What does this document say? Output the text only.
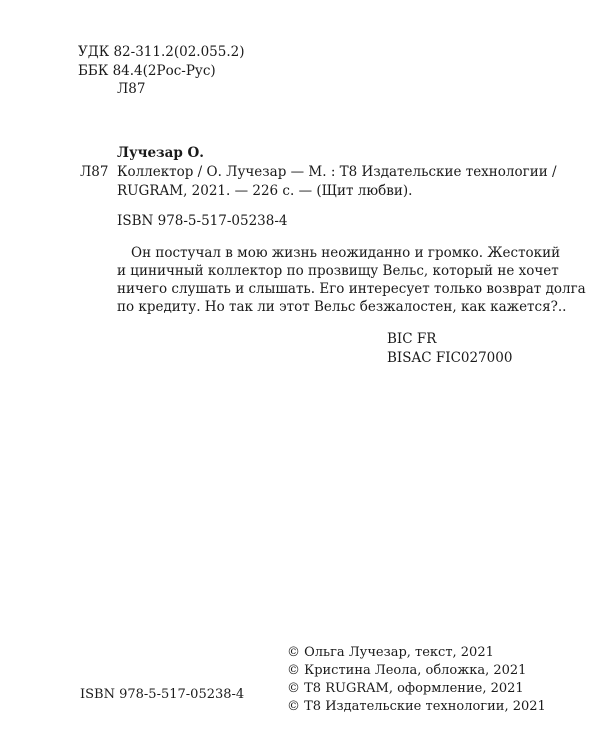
УДК 82-311.2(02.055.2)
ББК 84.4(2Рос-Рус)
Л87
Лучезар О.
Л87 Коллектор / О. Лучезар — М. : Т8 Издательские технологии /
RUGRAM, 2021. — 226 с. — (Щит любви).
ISBN 978-5-517-05238-4
Он постучал в мою жизнь неожиданно и громко. Жестокий
и циничный коллектор по прозвищу Вельс, который не хочет
ничего слушать и слышать. Его интересует только возврат долга
по кредиту. Но так ли этот Вельс безжалостен, как кажется?..
BIC FR
BISAC FIC027000
© Ольга Лучезар, текст, 2021
© Кристина Леола, обложка, 2021
© Т8 RUGRAM, оформление, 2021
© Т8 Издательские технологии, 2021
ISBN 978-5-517-05238-4
